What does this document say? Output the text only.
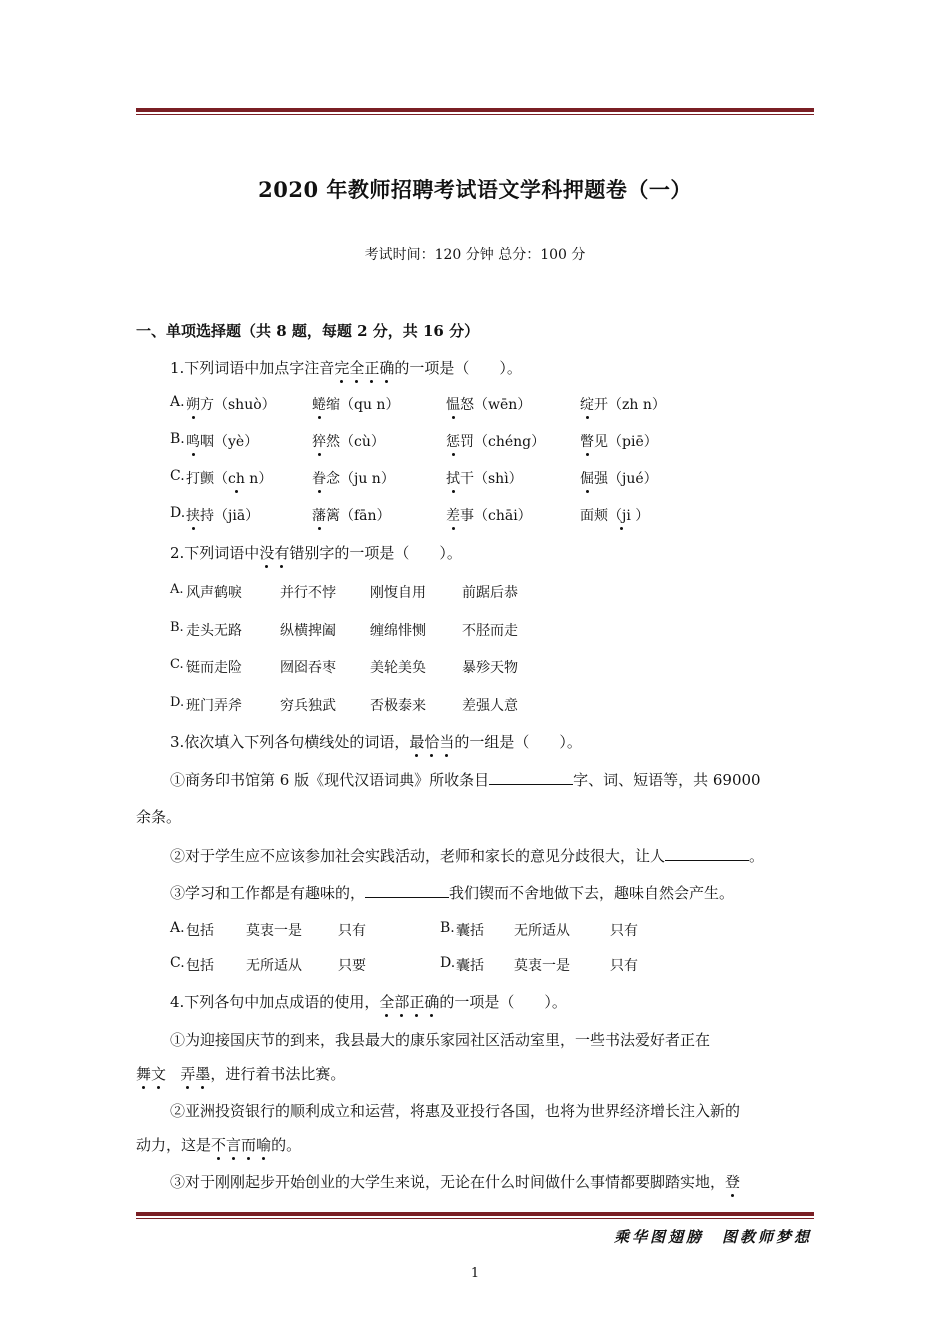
2020 年教师招聘考试语文学科押题卷（一）
考试时间：120 分钟 总分：100 分
一、单项选择题（共 8 题，每题 2 分，共 16 分）
1.下列词语中加点字注音完全正确的一项是（　　）。
A. 朔方（shuò）	蜷缩（qu n）	愠怒（wēn）	绽开（zh n）
B. 鸣咽（yè）	猝然（cù）	惩罚（chéng） 瞥见（piē）
C. 打颤（ch n）	眷念（ju n）	拭干（shì）	倔强（jué）
D. 挟持（jiā）	藩篱（fān）	差事（chāi）	面颊（ji ）
2.下列词语中没有错别字的一项是（　　）。
A. 风声鹤唳	并行不悖 刚愎自用	前踞后恭
B. 走头无路	纵横捭阖 缠绵悱恻	不胫而走
C. 铤而走险	囫囵吞枣 美轮美奂	暴殄天物
D. 班门弄斧	穷兵独武 否极泰来	差强人意
3.依次填入下列各句横线处的词语，最恰当的一组是（　　）。
①商务印书馆第 6 版《现代汉语词典》所收条目	字、词、短语等，共 69000
余条。
②对于学生应不应该参加社会实践活动，老师和家长的意见分歧很大，让人	。
③学习和工作都是有趣味的，	我们锲而不舍地做下去，趣味自然会产生。
A. 包括 莫衷一是	只有	B. 囊括 无所适从	只有
C. 包括 无所适从	只要	D. 囊括 莫衷一是	只有
4.下列各句中加点成语的使用，全部正确的一项是（　　）。
①为迎接国庆节的到来，我县最大的康乐家园社区活动室里，一些书法爱好者正在
舞文 弄墨，进行着书法比赛。
②亚洲投资银行的顺利成立和运营，将惠及亚投行各国，也将为世界经济增长注入新的
动力，这是不言而喻的。
③对于刚刚起步开始创业的大学生来说，无论在什么时间做什么事情都要脚踏实地，登
乘华图翅膀　图教师梦想
1
